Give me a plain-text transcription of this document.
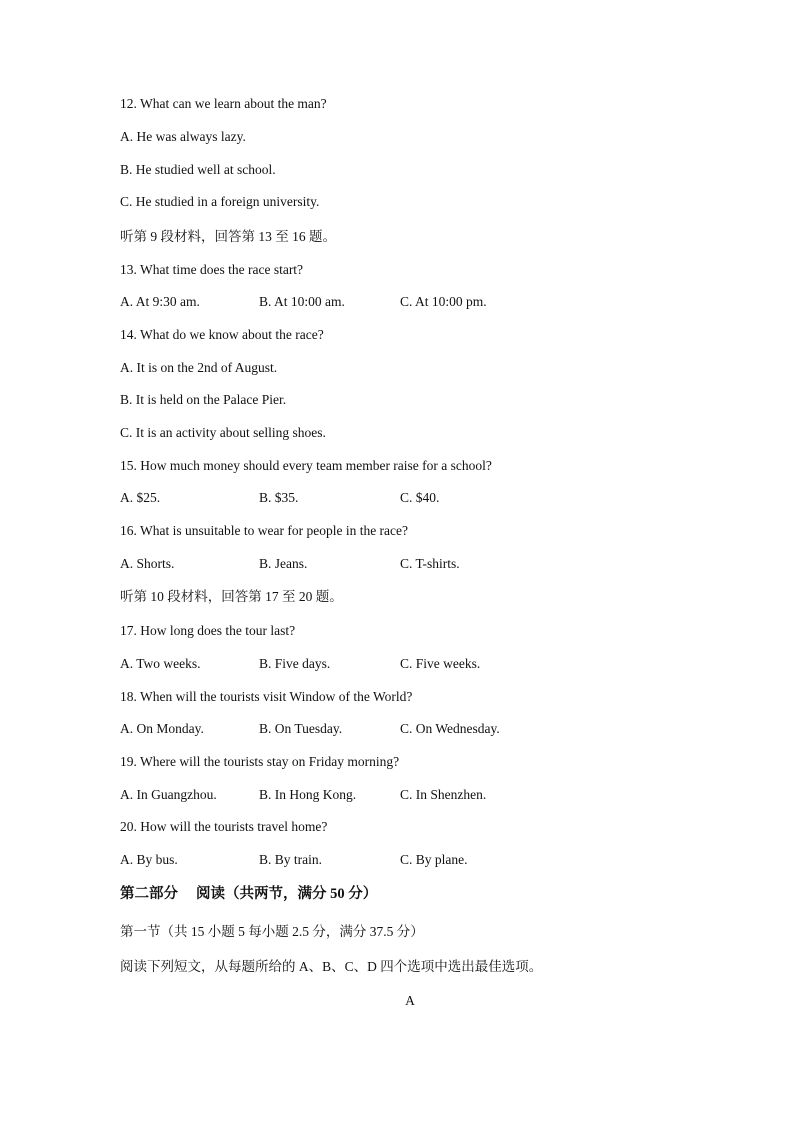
12. What can we learn about the man?
A. He was always lazy.
B. He studied well at school.
C. He studied in a foreign university.
听第 9 段材料，回答第 13 至 16 题。
13. What time does the race start?
A. At 9:30 am.	B. At 10:00 am.	C. At 10:00 pm.
14. What do we know about the race?
A. It is on the 2nd of August.
B. It is held on the Palace Pier.
C. It is an activity about selling shoes.
15. How much money should every team member raise for a school?
A. $25.	B. $35.	C. $40.
16. What is unsuitable to wear for people in the race?
A. Shorts.	B. Jeans.	C. T-shirts.
听第 10 段材料，回答第 17 至 20 题。
17. How long does the tour last?
A. Two weeks.	B. Five days.	C. Five weeks.
18. When will the tourists visit Window of the World?
A. On Monday.	B. On Tuesday.	C. On Wednesday.
19. Where will the tourists stay on Friday morning?
A. In Guangzhou.	B. In Hong Kong.	C. In Shenzhen.
20. How will the tourists travel home?
A. By bus.	B. By train.	C. By plane.
第二部分 阅读（共两节，满分 50 分）
第一节（共 15 小题 5 每小题 2.5 分，满分 37.5 分）
阅读下列短文，从每题所给的 A、B、C、D 四个选项中选出最佳选项。
A
